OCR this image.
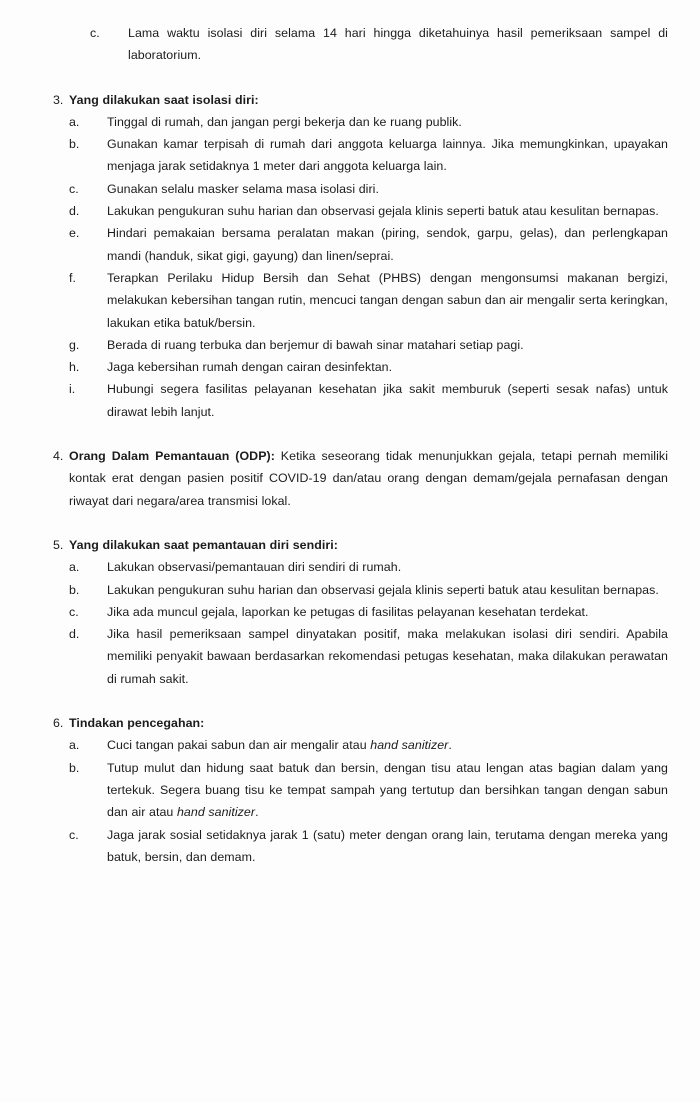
c.	Lama waktu isolasi diri selama 14 hari hingga diketahuinya hasil pemeriksaan sampel di laboratorium.

3. Yang dilakukan saat isolasi diri:

a.	Tinggal di rumah, dan jangan pergi bekerja dan ke ruang publik.

b.	Gunakan kamar terpisah di rumah dari anggota keluarga lainnya. Jika memungkinkan, upayakan menjaga jarak setidaknya 1 meter dari anggota keluarga lain.

c.	Gunakan selalu masker selama masa isolasi diri.

d.	Lakukan pengukuran suhu harian dan observasi gejala klinis seperti batuk atau kesulitan bernapas.

e.	Hindari pemakaian bersama peralatan makan (piring, sendok, garpu, gelas), dan perlengkapan mandi (handuk, sikat gigi, gayung) dan linen/seprai.

f.	Terapkan Perilaku Hidup Bersih dan Sehat (PHBS) dengan mengonsumsi makanan bergizi, melakukan kebersihan tangan rutin, mencuci tangan dengan sabun dan air mengalir serta keringkan, lakukan etika batuk/bersin.

g.	Berada di ruang terbuka dan berjemur di bawah sinar matahari setiap pagi.

h.	Jaga kebersihan rumah dengan cairan desinfektan.

i.	Hubungi segera fasilitas pelayanan kesehatan jika sakit memburuk (seperti sesak nafas) untuk dirawat lebih lanjut.

4. Orang Dalam Pemantauan (ODP): Ketika seseorang tidak menunjukkan gejala, tetapi pernah memiliki kontak erat dengan pasien positif COVID-19 dan/atau orang dengan demam/gejala pernafasan dengan riwayat dari negara/area transmisi lokal.

5. Yang dilakukan saat pemantauan diri sendiri:

a.	Lakukan observasi/pemantauan diri sendiri di rumah.

b.	Lakukan pengukuran suhu harian dan observasi gejala klinis seperti batuk atau kesulitan bernapas.

c.	Jika ada muncul gejala, laporkan ke petugas di fasilitas pelayanan kesehatan terdekat.

d.	Jika hasil pemeriksaan sampel dinyatakan positif, maka melakukan isolasi diri sendiri. Apabila memiliki penyakit bawaan berdasarkan rekomendasi petugas kesehatan, maka dilakukan perawatan di rumah sakit.

6. Tindakan pencegahan:

a.	Cuci tangan pakai sabun dan air mengalir atau hand sanitizer.

b.	Tutup mulut dan hidung saat batuk dan bersin, dengan tisu atau lengan atas bagian dalam yang tertekuk. Segera buang tisu ke tempat sampah yang tertutup dan bersihkan tangan dengan sabun dan air atau hand sanitizer.

c.	Jaga jarak sosial setidaknya jarak 1 (satu) meter dengan orang lain, terutama dengan mereka yang batuk, bersin, dan demam.
